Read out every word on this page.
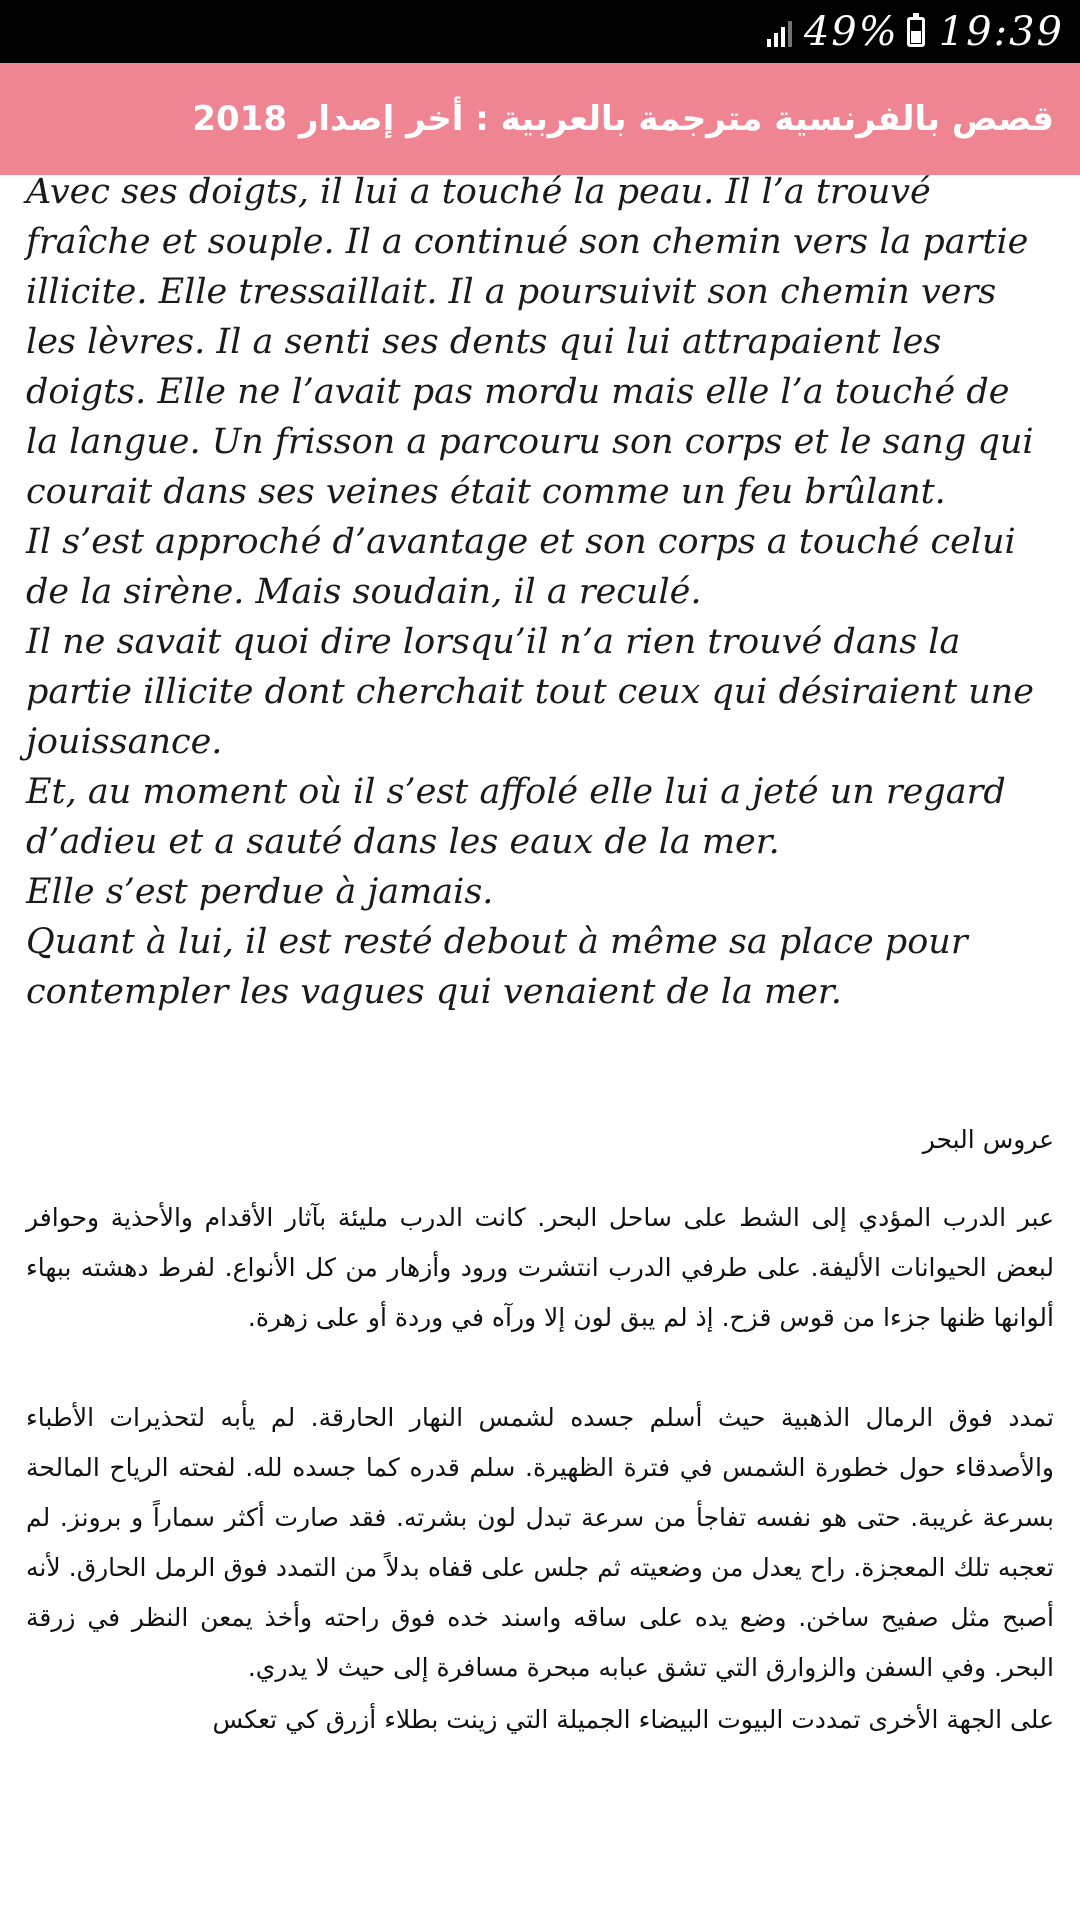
49% 19:39
قصص بالفرنسية مترجمة بالعربية : أخر إصدار 2018

Avec ses doigts, il lui a touché la peau. Il l’a trouvé

fraîche et souple. Il a continué son chemin vers la partie

illicite. Elle tressaillait. Il a poursuivit son chemin vers

les lèvres. Il a senti ses dents qui lui attrapaient les

doigts. Elle ne l’avait pas mordu mais elle l’a touché de

la langue. Un frisson a parcouru son corps et le sang qui

courait dans ses veines était comme un feu brûlant.

Il s’est approché d’avantage et son corps a touché celui

de la sirène. Mais soudain, il a reculé.

Il ne savait quoi dire lorsqu’il n’a rien trouvé dans la

partie illicite dont cherchait tout ceux qui désiraient une

jouissance.

Et, au moment où il s’est affolé elle lui a jeté un regard

d’adieu et a sauté dans les eaux de la mer.

Elle s’est perdue à jamais.

Quant à lui, il est resté debout à même sa place pour

contempler les vagues qui venaient de la mer.

عروس البحر
عبر الدرب المؤدي إلى الشط على ساحل البحر. كانت الدرب مليئة بآثار الأقدام والأحذية وحوافر لبعض الحيوانات الأليفة. على طرفي الدرب انتشرت ورود وأزهار من كل الأنواع. لفرط دهشته ببهاء ألوانها ظنها جزءا من قوس قزح. إذ لم يبق لون إلا ورآه في وردة أو على زهرة.
تمدد فوق الرمال الذهبية حيث أسلم جسده لشمس النهار الحارقة. لم يأبه لتحذيرات الأطباء والأصدقاء حول خطورة الشمس في فترة الظهيرة. سلم قدره كما جسده لله. لفحته الرياح المالحة بسرعة غريبة. حتى هو نفسه تفاجأ من سرعة تبدل لون بشرته. فقد صارت أكثر سماراً و برونز. لم تعجبه تلك المعجزة. راح يعدل من وضعيته ثم جلس على قفاه بدلاً من التمدد فوق الرمل الحارق. لأنه أصبح مثل صفيح ساخن. وضع يده على ساقه واسند خده فوق راحته وأخذ يمعن النظر في زرقة البحر. وفي السفن والزوارق التي تشق عبابه مبحرة مسافرة إلى حيث لا يدري.
على الجهة الأخرى تمددت البيوت البيضاء الجميلة التي زينت بطلاء أزرق كي تعكس
